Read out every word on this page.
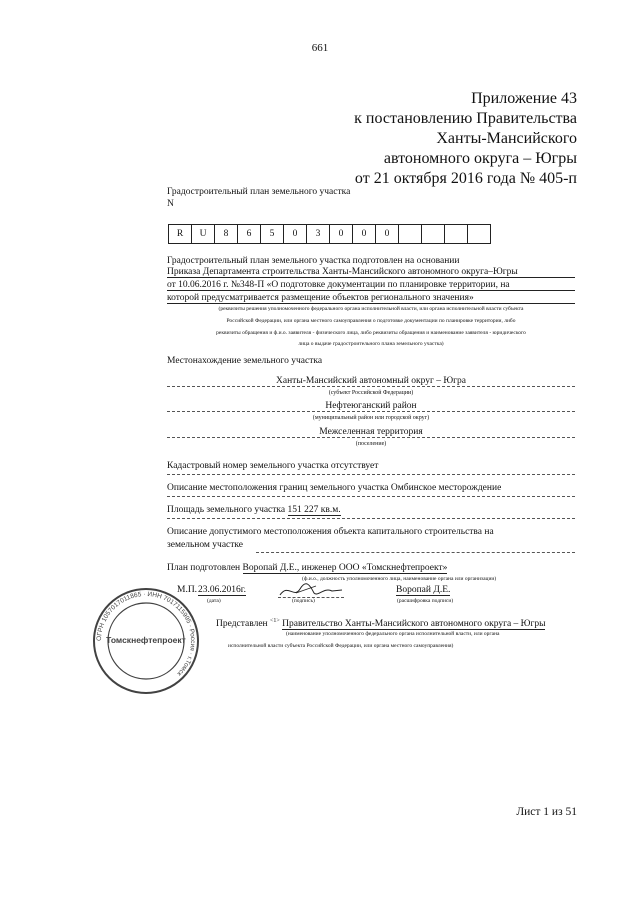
661
Приложение 43
к постановлению Правительства
Ханты-Мансийского
автономного округа – Югры
от 21 октября 2016 года № 405-п
Градостроительный план земельного участка
N
R	U	8	6	5	0	3	0	0	0				
Градостроительный план земельного участка подготовлен на основании
Приказа Департамента строительства Ханты-Мансийского автономного округа–Югры
от 10.06.2016 г. №348-П «О подготовке документации по планировке территории, на
которой предусматривается размещение объектов регионального значения»
(реквизиты решения уполномоченного федерального органа исполнительной власти, или органа исполнительной власти субъекта
Российской Федерации, или органа местного самоуправления о подготовке документации по планировке территории, либо
реквизиты обращения и ф.и.о. заявителя - физического лица, либо реквизиты обращения и наименование заявителя - юридического
лица о выдаче градостроительного плана земельного участка)
Местонахождение земельного участка
Ханты-Мансийский автономный округ – Югра
(субъект Российской Федерации)
Нефтеюганский район
(муниципальный район или городской округ)
Межселенная территория
(поселение)
Кадастровый номер земельного участка отсутствует
Описание местоположения границ земельного участка Омбинское месторождение
Площадь земельного участка 151 227 кв.м.
Описание допустимого местоположения объекта капитального строительства на
земельном участке
План подготовлен Воропай Д.Е., инженер ООО «Томскнефтепроект»
(ф.и.о., должность уполномоченного лица, наименование органа или организации)
М.П. 23.06.2016г.
(дата)	(подпись)
Воропай Д.Е.
(расшифровка подписи)
Представлен $^{<1>}$ Правительство Ханты-Мансийского автономного округа – Югры
(наименование уполномоченного федерального органа исполнительной власти, или органа
исполнительной власти субъекта Российской Федерации, или органа местного самоуправления)
ОГРН 1057017011865 · ИНН 7017115995 · Россия · г.Томск
Томскнефтепроект
Лист 1 из 51
